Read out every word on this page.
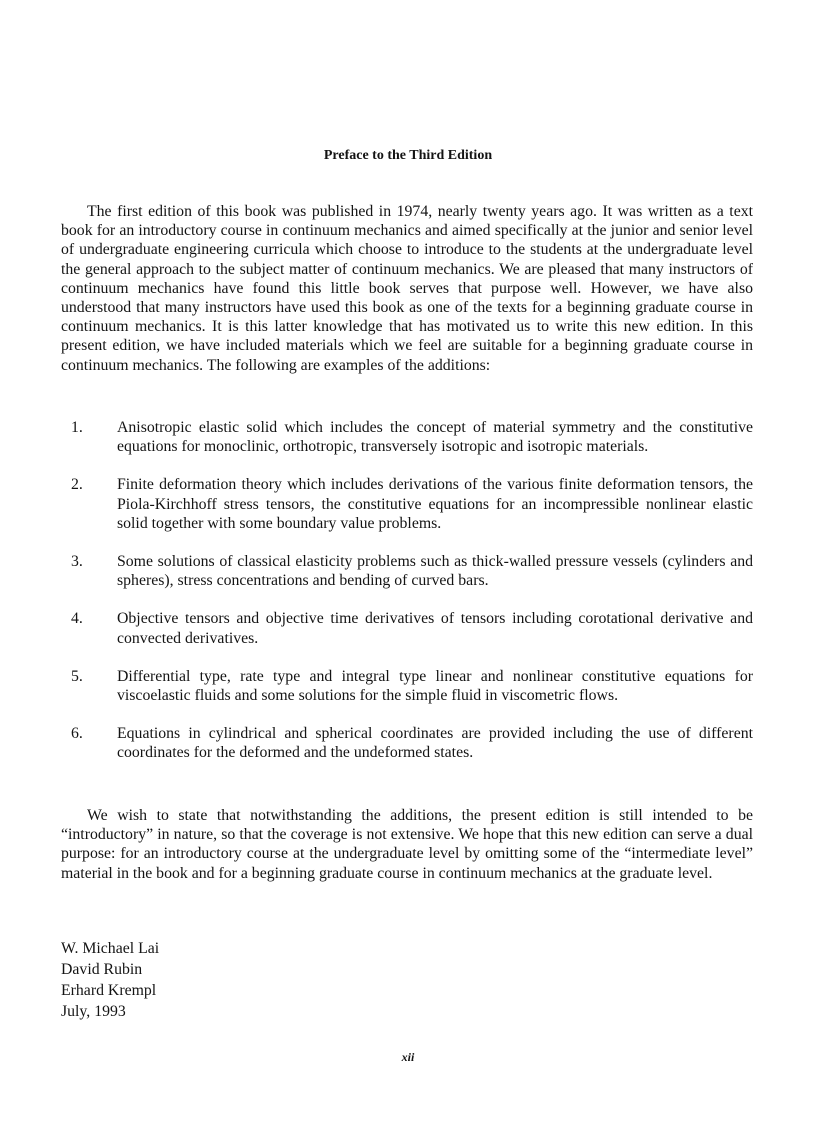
Preface to the Third Edition

The first edition of this book was published in 1974, nearly twenty years ago. It was written as a text book for an introductory course in continuum mechanics and aimed specifically at the junior and senior level of undergraduate engineering curricula which choose to introduce to the students at the undergraduate level the general approach to the subject matter of continuum mechanics. We are pleased that many instructors of continuum mechanics have found this little book serves that purpose well. However, we have also understood that many instructors have used this book as one of the texts for a beginning graduate course in continuum mechanics. It is this latter knowledge that has motivated us to write this new edition. In this present edition, we have included materials which we feel are suitable for a beginning graduate course in continuum mechanics. The following are examples of the additions:

1. Anisotropic elastic solid which includes the concept of material symmetry and the constitutive equations for monoclinic, orthotropic, transversely isotropic and isotropic materials.
2. Finite deformation theory which includes derivations of the various finite deformation tensors, the Piola-Kirchhoff stress tensors, the constitutive equations for an incompressible nonlinear elastic solid together with some boundary value problems.
3. Some solutions of classical elasticity problems such as thick-walled pressure vessels (cylinders and spheres), stress concentrations and bending of curved bars.
4. Objective tensors and objective time derivatives of tensors including corotational derivative and convected derivatives.
5. Differential type, rate type and integral type linear and nonlinear constitutive equations for viscoelastic fluids and some solutions for the simple fluid in viscometric flows.
6. Equations in cylindrical and spherical coordinates are provided including the use of different coordinates for the deformed and the undeformed states.

We wish to state that notwithstanding the additions, the present edition is still intended to be “introductory” in nature, so that the coverage is not extensive. We hope that this new edition can serve a dual purpose: for an introductory course at the undergraduate level by omitting some of the “intermediate level” material in the book and for a beginning graduate course in continuum mechanics at the graduate level.

W. Michael Lai
David Rubin
Erhard Krempl
July, 1993
xii
